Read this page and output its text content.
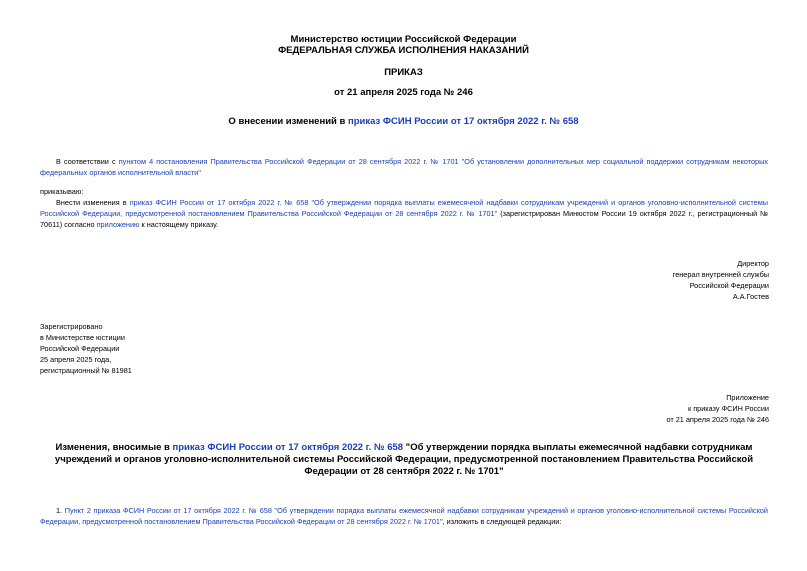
Министерство юстиции Российской Федерации
ФЕДЕРАЛЬНАЯ СЛУЖБА ИСПОЛНЕНИЯ НАКАЗАНИЙ
ПРИКАЗ
от 21 апреля 2025 года № 246
О внесении изменений в приказ ФСИН России от 17 октября 2022 г. № 658
В соответствии с пунктом 4 постановления Правительства Российской Федерации от 28 сентября 2022 г. № 1701 "Об установлении дополнительных мер социальной поддержки сотрудникам некоторых федеральных органов исполнительной власти"
приказываю:
Внести изменения в приказ ФСИН России от 17 октября 2022 г. № 658 "Об утверждении порядка выплаты ежемесячной надбавки сотрудникам учреждений и органов уголовно-исполнительной системы Российской Федерации, предусмотренной постановлением Правительства Российской Федерации от 28 сентября 2022 г. № 1701" (зарегистрирован Минюстом России 19 октября 2022 г., регистрационный № 70611) согласно приложению к настоящему приказу.
Директор
генерал внутренней службы
Российской Федерации
А.А.Гостев
Зарегистрировано
в Министерстве юстиции
Российской Федерации
25 апреля 2025 года,
регистрационный № 81981
Приложение
к приказу ФСИН России
от 21 апреля 2025 года № 246
Изменения, вносимые в приказ ФСИН России от 17 октября 2022 г. № 658 "Об утверждении порядка выплаты ежемесячной надбавки сотрудникам учреждений и органов уголовно-исполнительной системы Российской Федерации, предусмотренной постановлением Правительства Российской Федерации от 28 сентября 2022 г. № 1701"
1. Пункт 2 приказа ФСИН России от 17 октября 2022 г. № 658 "Об утверждении порядка выплаты ежемесячной надбавки сотрудникам учреждений и органов уголовно-исполнительной системы Российской Федерации, предусмотренной постановлением Правительства Российской Федерации от 28 сентября 2022 г. № 1701", изложить в следующей редакции:
